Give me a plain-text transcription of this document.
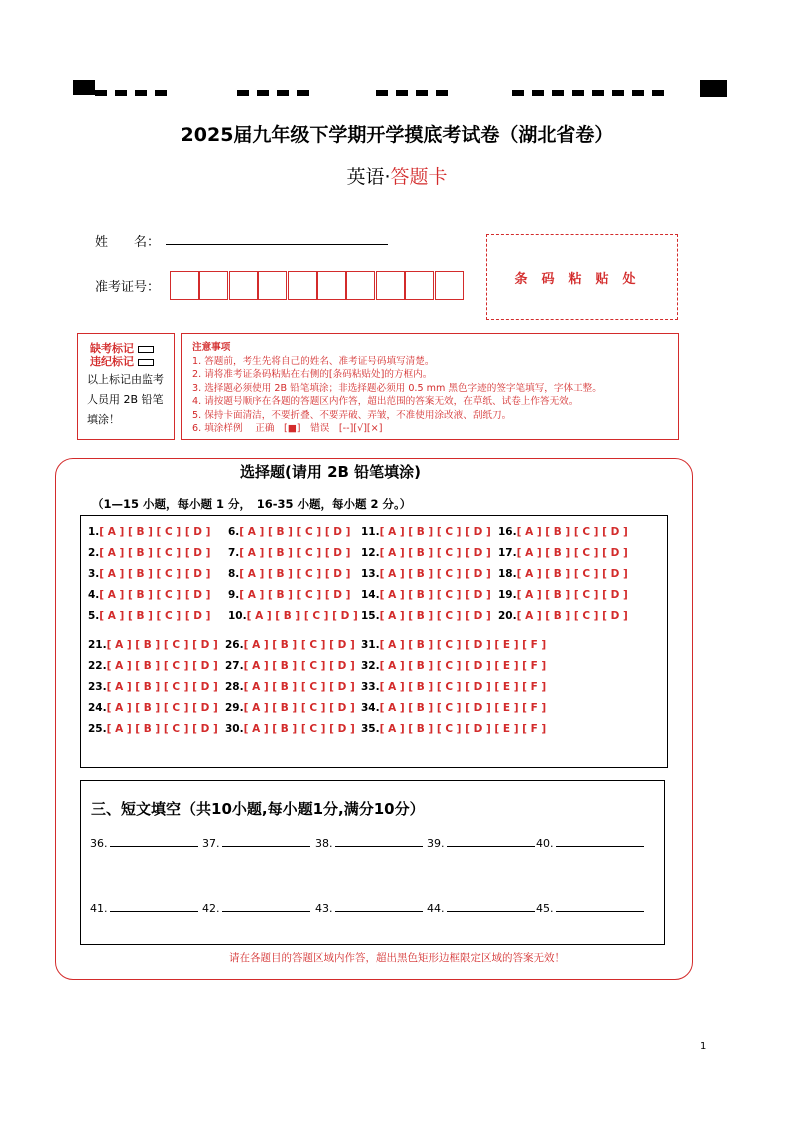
2025届九年级下学期开学摸底考试卷（湖北省卷）
英语·答题卡
姓　　名：
准考证号：
条码粘贴处
缺考标记
违纪标记
以上标记由监考
人员用 2B 铅笔
填涂！
注意事项
1. 答题前，考生先将自己的姓名、准考证号码填写清楚。
2. 请将准考证条码粘贴在右侧的[条码粘贴处]的方框内。
3. 选择题必须使用 2B 铅笔填涂；非选择题必须用 0.5 mm 黑色字迹的签字笔填写，字体工整。
4. 请按题号顺序在各题的答题区内作答，超出范围的答案无效，在草纸、试卷上作答无效。
5. 保持卡面清洁，不要折叠、不要弄破、弄皱，不准使用涂改液、刮纸刀。
6. 填涂样例　 正确　[■]　错误　[--][√][×]
选择题(请用 2B 铅笔填涂)
（1—15 小题，每小题 1 分，　16-35 小题，每小题 2 分。）
1.[ A ] [ B ] [ C ] [ D ]
2.[ A ] [ B ] [ C ] [ D ]
3.[ A ] [ B ] [ C ] [ D ]
4.[ A ] [ B ] [ C ] [ D ]
5.[ A ] [ B ] [ C ] [ D ]
6.[ A ] [ B ] [ C ] [ D ]
7.[ A ] [ B ] [ C ] [ D ]
8.[ A ] [ B ] [ C ] [ D ]
9.[ A ] [ B ] [ C ] [ D ]
10.[ A ] [ B ] [ C ] [ D ]
11.[ A ] [ B ] [ C ] [ D ]
12.[ A ] [ B ] [ C ] [ D ]
13.[ A ] [ B ] [ C ] [ D ]
14.[ A ] [ B ] [ C ] [ D ]
15.[ A ] [ B ] [ C ] [ D ]
16.[ A ] [ B ] [ C ] [ D ]
17.[ A ] [ B ] [ C ] [ D ]
18.[ A ] [ B ] [ C ] [ D ]
19.[ A ] [ B ] [ C ] [ D ]
20.[ A ] [ B ] [ C ] [ D ]
21.[ A ] [ B ] [ C ] [ D ]
22.[ A ] [ B ] [ C ] [ D ]
23.[ A ] [ B ] [ C ] [ D ]
24.[ A ] [ B ] [ C ] [ D ]
25.[ A ] [ B ] [ C ] [ D ]
26.[ A ] [ B ] [ C ] [ D ]
27.[ A ] [ B ] [ C ] [ D ]
28.[ A ] [ B ] [ C ] [ D ]
29.[ A ] [ B ] [ C ] [ D ]
30.[ A ] [ B ] [ C ] [ D ]
31.[ A ] [ B ] [ C ] [ D ] [ E ] [ F ]
32.[ A ] [ B ] [ C ] [ D ] [ E ] [ F ]
33.[ A ] [ B ] [ C ] [ D ] [ E ] [ F ]
34.[ A ] [ B ] [ C ] [ D ] [ E ] [ F ]
35.[ A ] [ B ] [ C ] [ D ] [ E ] [ F ]
三、短文填空（共10小题,每小题1分,满分10分）
36.	37.	38.	39.	40.
41.	42.	43.	44.	45.
请在各题目的答题区域内作答，超出黑色矩形边框限定区域的答案无效！
1
